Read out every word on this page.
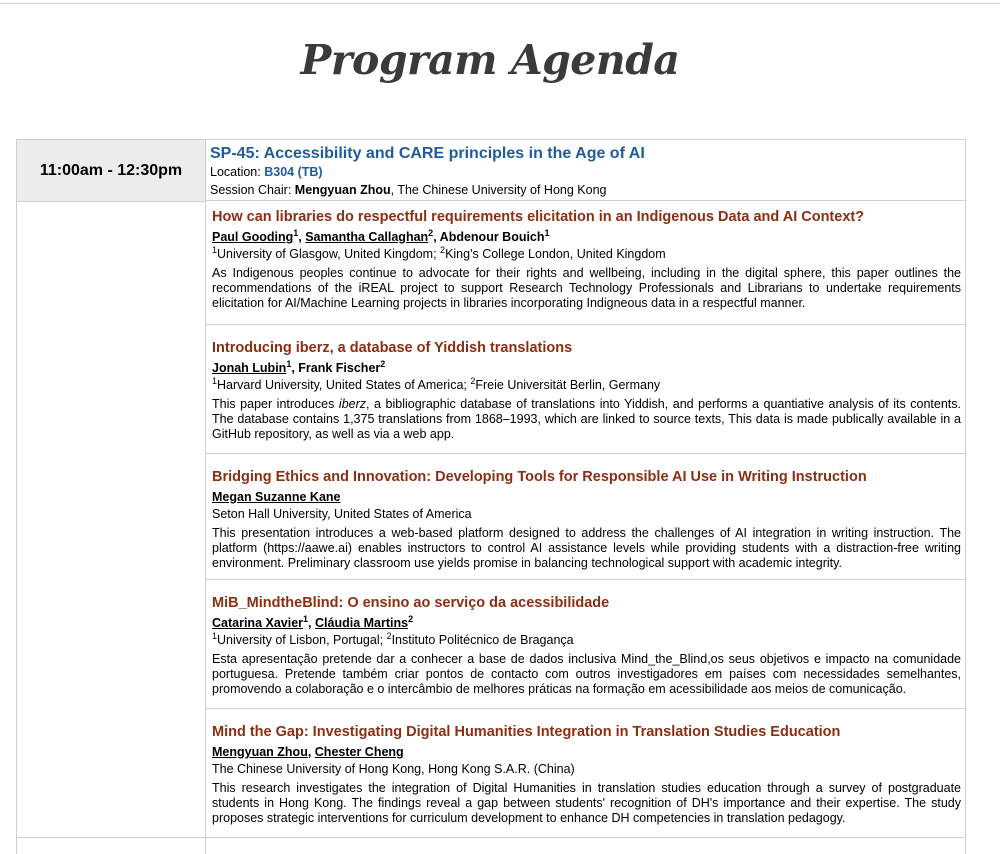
Program Agenda
11:00am - 12:30pm
SP-45: Accessibility and CARE principles in the Age of AI
Location: B304 (TB)
Session Chair: Mengyuan Zhou, The Chinese University of Hong Kong
How can libraries do respectful requirements elicitation in an Indigenous Data and AI Context?
Paul Gooding$^1$, Samantha Callaghan$^2$, Abdenour Bouich$^1$
$^1$University of Glasgow, United Kingdom; $^2$King's College London, United Kingdom
As Indigenous peoples continue to advocate for their rights and wellbeing, including in the digital sphere, this paper outlines the recommendations of the iREAL project to support Research Technology Professionals and Librarians to undertake requirements elicitation for AI/Machine Learning projects in libraries incorporating Indigneous data in a respectful manner.
Introducing iberz, a database of Yiddish translations
Jonah Lubin$^1$, Frank Fischer$^2$
$^1$Harvard University, United States of America; $^2$Freie Universität Berlin, Germany
This paper introduces iberz, a bibliographic database of translations into Yiddish, and performs a quantiative analysis of its contents. The database contains 1,375 translations from 1868–1993, which are linked to source texts, This data is made publically available in a GitHub repository, as well as via a web app.
Bridging Ethics and Innovation: Developing Tools for Responsible AI Use in Writing Instruction
Megan Suzanne Kane
Seton Hall University, United States of America
This presentation introduces a web-based platform designed to address the challenges of AI integration in writing instruction. The platform (https://aawe.ai) enables instructors to control AI assistance levels while providing students with a distraction-free writing environment. Preliminary classroom use yields promise in balancing technological support with academic integrity.
MiB_MindtheBlind: O ensino ao serviço da acessibilidade
Catarina Xavier$^1$, Cláudia Martins$^2$
$^1$University of Lisbon, Portugal; $^2$Instituto Politécnico de Bragança
Esta apresentação pretende dar a conhecer a base de dados inclusiva Mind_the_Blind,os seus objetivos e impacto na comunidade portuguesa. Pretende também criar pontos de contacto com outros investigadores em países com necessidades semelhantes, promovendo a colaboração e o intercâmbio de melhores práticas na formação em acessibilidade aos meios de comunicação.
Mind the Gap: Investigating Digital Humanities Integration in Translation Studies Education
Mengyuan Zhou, Chester Cheng
The Chinese University of Hong Kong, Hong Kong S.A.R. (China)
This research investigates the integration of Digital Humanities in translation studies education through a survey of postgraduate students in Hong Kong. The findings reveal a gap between students' recognition of DH's importance and their expertise. The study proposes strategic interventions for curriculum development to enhance DH competencies in translation pedagogy.
